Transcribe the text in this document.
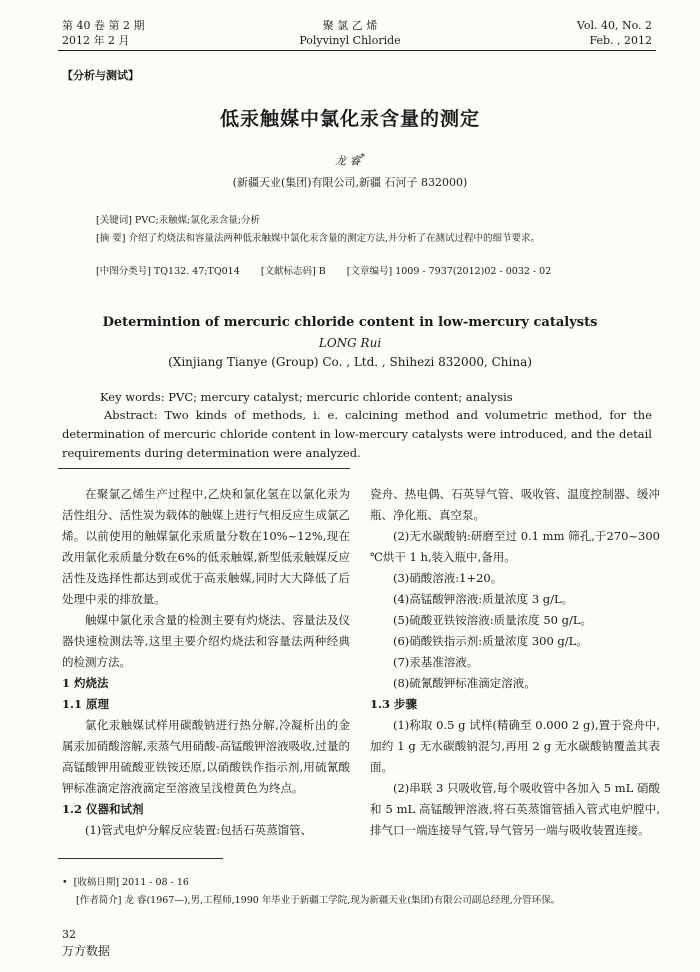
第 40 卷 第 2 期
2012 年 2 月
聚 氯 乙 烯
Polyvinyl Chloride
Vol. 40, No. 2
Feb. , 2012
【分析与测试】
低汞触媒中氯化汞含量的测定
龙 睿*
(新疆天业(集团)有限公司,新疆 石河子 832000)
[关键词] PVC;汞触媒;氯化汞含量;分析
[摘 要] 介绍了灼烧法和容量法两种低汞触媒中氯化汞含量的测定方法,并分析了在测试过程中的细节要求。
[中图分类号] TQ132. 47;TQ014 [文献标志码] B [文章编号] 1009 - 7937(2012)02 - 0032 - 02
Determintion of mercuric chloride content in low-mercury catalysts
LONG Rui
(Xinjiang Tianye (Group) Co. , Ltd. , Shihezi 832000, China)
Key words: PVC; mercury catalyst; mercuric chloride content; analysis
Abstract: Two kinds of methods, i. e. calcining method and volumetric method, for the determination of mercuric chloride content in low-mercury catalysts were introduced, and the detail requirements during determination were analyzed.

在聚氯乙烯生产过程中,乙炔和氯化氢在以氯化汞为活性组分、活性炭为载体的触媒上进行气相反应生成氯乙烯。以前使用的触媒氯化汞质量分数在10%~12%,现在改用氯化汞质量分数在6%的低汞触媒,新型低汞触媒反应活性及选择性都达到或优于高汞触媒,同时大大降低了后处理中汞的排放量。

触媒中氯化汞含量的检测主要有灼烧法、容量法及仪器快速检测法等,这里主要介绍灼烧法和容量法两种经典的检测方法。

1 灼烧法

1.1 原理

氯化汞触媒试样用碳酸钠进行热分解,冷凝析出的金属汞加硝酸溶解,汞蒸气用硝酸-高锰酸钾溶液吸收,过量的高锰酸钾用硫酸亚铁铵还原,以硝酸铁作指示剂,用硫氰酸钾标准滴定溶液滴定至溶液呈浅橙黄色为终点。

1.2 仪器和试剂

(1)管式电炉分解反应装置:包括石英蒸馏管、

瓷舟、热电偶、石英导气管、吸收管、温度控制器、缓冲瓶、净化瓶、真空泵。

(2)无水碳酸钠:研磨至过 0.1 mm 筛孔,于270~300 ℃烘干 1 h,装入瓶中,备用。

(3)硝酸溶液:1+20。

(4)高锰酸钾溶液:质量浓度 3 g/L。

(5)硫酸亚铁铵溶液:质量浓度 50 g/L。

(6)硝酸铁指示剂:质量浓度 300 g/L。

(7)汞基准溶液。

(8)硫氰酸钾标准滴定溶液。

1.3 步骤

(1)称取 0.5 g 试样(精确至 0.000 2 g),置于瓷舟中,加约 1 g 无水碳酸钠混匀,再用 2 g 无水碳酸钠覆盖其表面。

(2)串联 3 只吸收管,每个吸收管中各加入 5 mL 硝酸和 5 mL 高锰酸钾溶液,将石英蒸馏管插入管式电炉膛中,排气口一端连接导气管,导气管另一端与吸收装置连接。

• [收稿日期] 2011 - 08 - 16
[作者简介] 龙 睿(1967—),男,工程师,1990 年毕业于新疆工学院,现为新疆天业(集团)有限公司副总经理,分管环保。
32
万方数据
